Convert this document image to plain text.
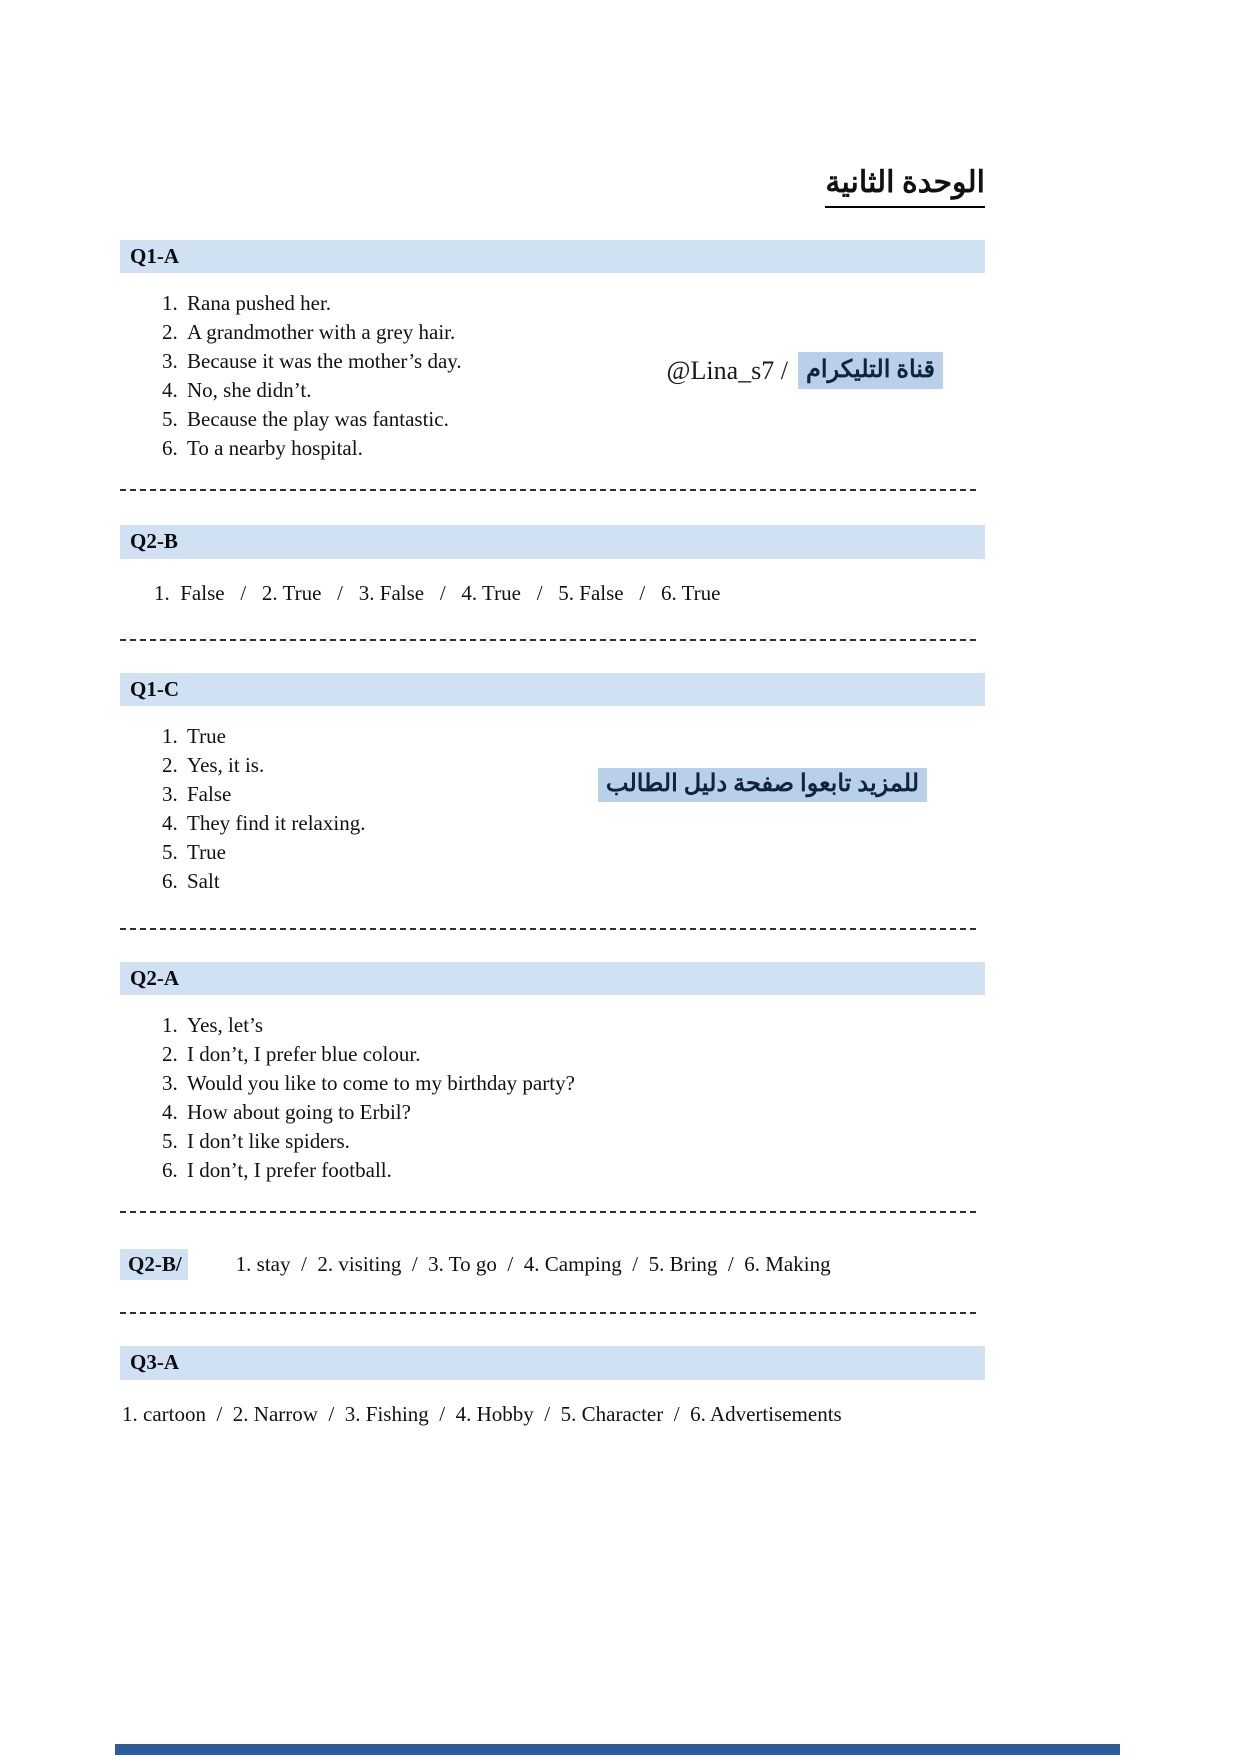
الوحدة الثانية
Q1-A
1. Rana pushed her.
2. A grandmother with a grey hair.
3. Because it was the mother’s day.
4. No, she didn’t.
5. Because the play was fantastic.
6. To a nearby hospital.
@Lina_s7 / قناة التليكرام
Q2-B
1.  False   /   2. True   /   3. False   /   4. True   /   5. False   /   6. True
Q1-C
1. True
2. Yes, it is.
3. False
4. They find it relaxing.
5. True
6. Salt
للمزيد تابعوا صفحة دليل الطالب
Q2-A
1. Yes, let’s
2. I don’t, I prefer blue colour.
3. Would you like to come to my birthday party?
4. How about going to Erbil?
5. I don’t like spiders.
6. I don’t, I prefer football.
Q2-B/	1. stay  /  2. visiting  /  3. To go  /  4. Camping  /  5. Bring  /  6. Making
Q3-A
1. cartoon  /  2. Narrow  /  3. Fishing  /  4. Hobby  /  5. Character  /  6. Advertisements
